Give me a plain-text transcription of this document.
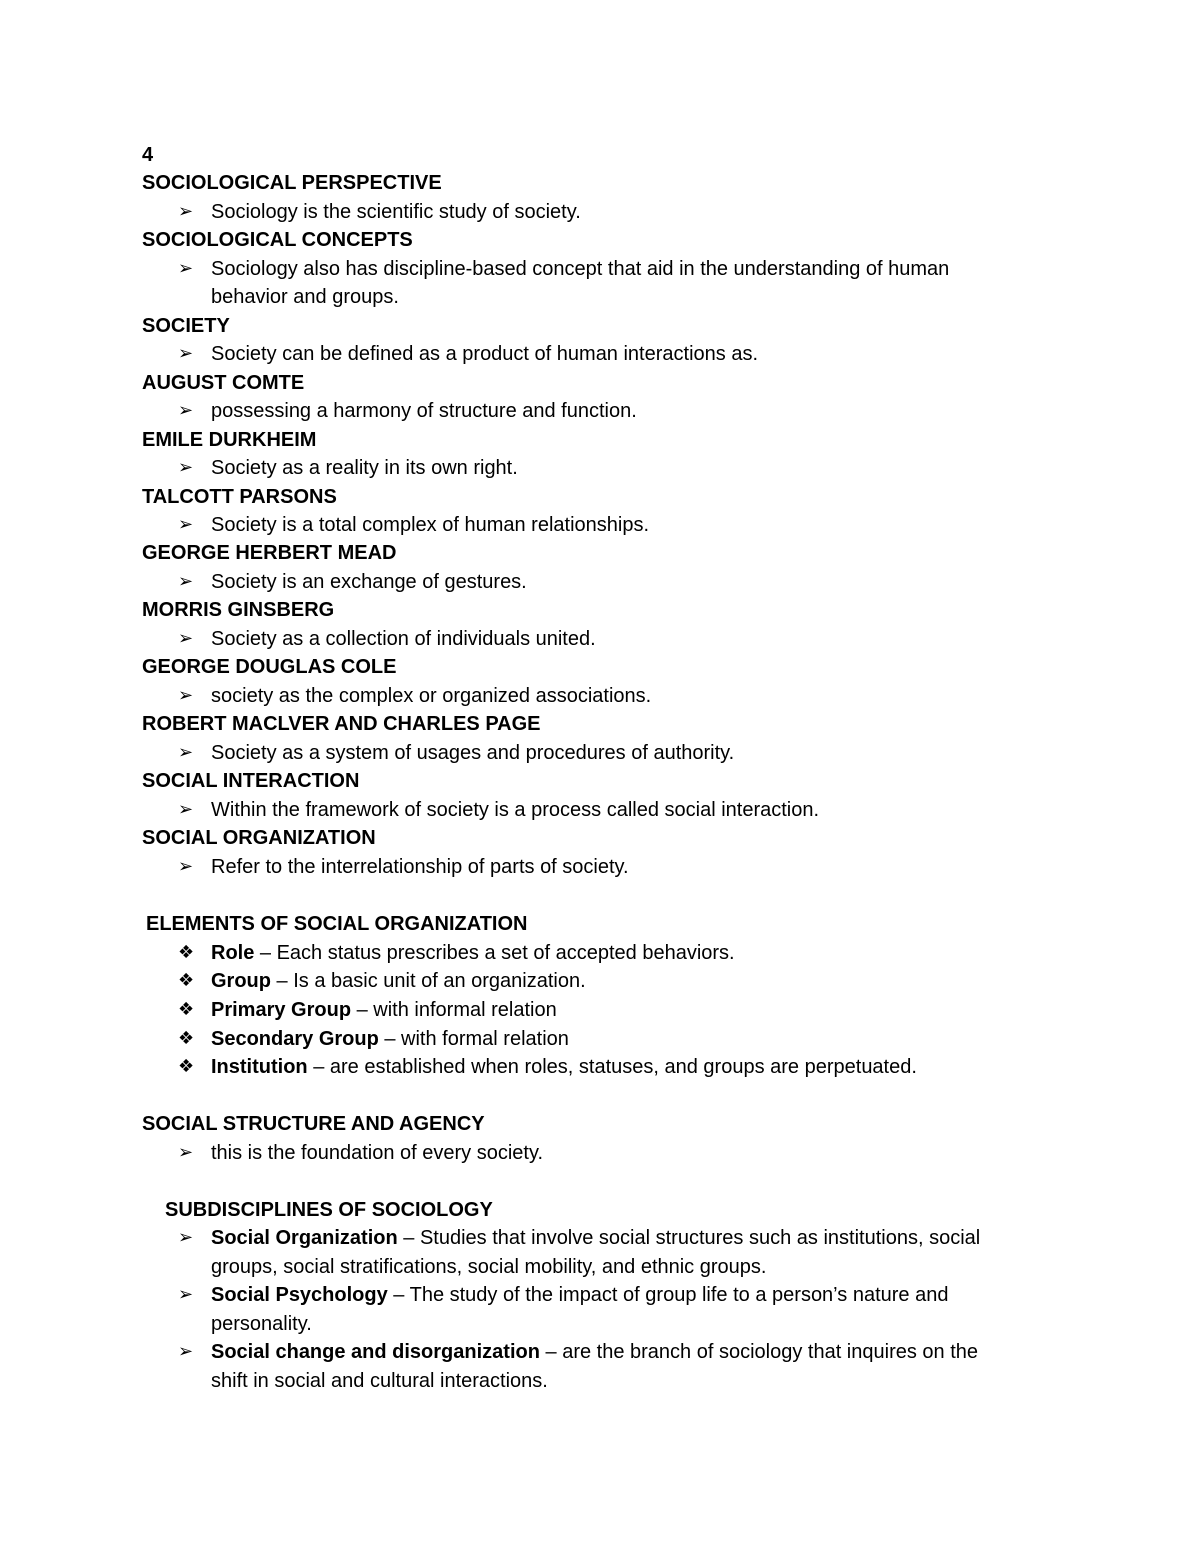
4
SOCIOLOGICAL PERSPECTIVE
➢ Sociology is the scientific study of society.
SOCIOLOGICAL CONCEPTS
➢ Sociology also has discipline-based concept that aid in the understanding of human
behavior and groups.
SOCIETY
➢ Society can be defined as a product of human interactions as.
AUGUST COMTE
➢ possessing a harmony of structure and function.
EMILE DURKHEIM
➢ Society as a reality in its own right.
TALCOTT PARSONS
➢ Society is a total complex of human relationships.
GEORGE HERBERT MEAD
➢ Society is an exchange of gestures.
MORRIS GINSBERG
➢ Society as a collection of individuals united.
GEORGE DOUGLAS COLE
➢ society as the complex or organized associations.
ROBERT MACLVER AND CHARLES PAGE
➢ Society as a system of usages and procedures of authority.
SOCIAL INTERACTION
➢ Within the framework of society is a process called social interaction.
SOCIAL ORGANIZATION
➢ Refer to the interrelationship of parts of society.
ELEMENTS OF SOCIAL ORGANIZATION
❖ Role – Each status prescribes a set of accepted behaviors.
❖ Group – Is a basic unit of an organization.
❖ Primary Group – with informal relation
❖ Secondary Group – with formal relation
❖ Institution – are established when roles, statuses, and groups are perpetuated.
SOCIAL STRUCTURE AND AGENCY
➢ this is the foundation of every society.
SUBDISCIPLINES OF SOCIOLOGY
➢ Social Organization – Studies that involve social structures such as institutions, social
groups, social stratifications, social mobility, and ethnic groups.
➢ Social Psychology – The study of the impact of group life to a person’s nature and
personality.
➢ Social change and disorganization – are the branch of sociology that inquires on the
shift in social and cultural interactions.
